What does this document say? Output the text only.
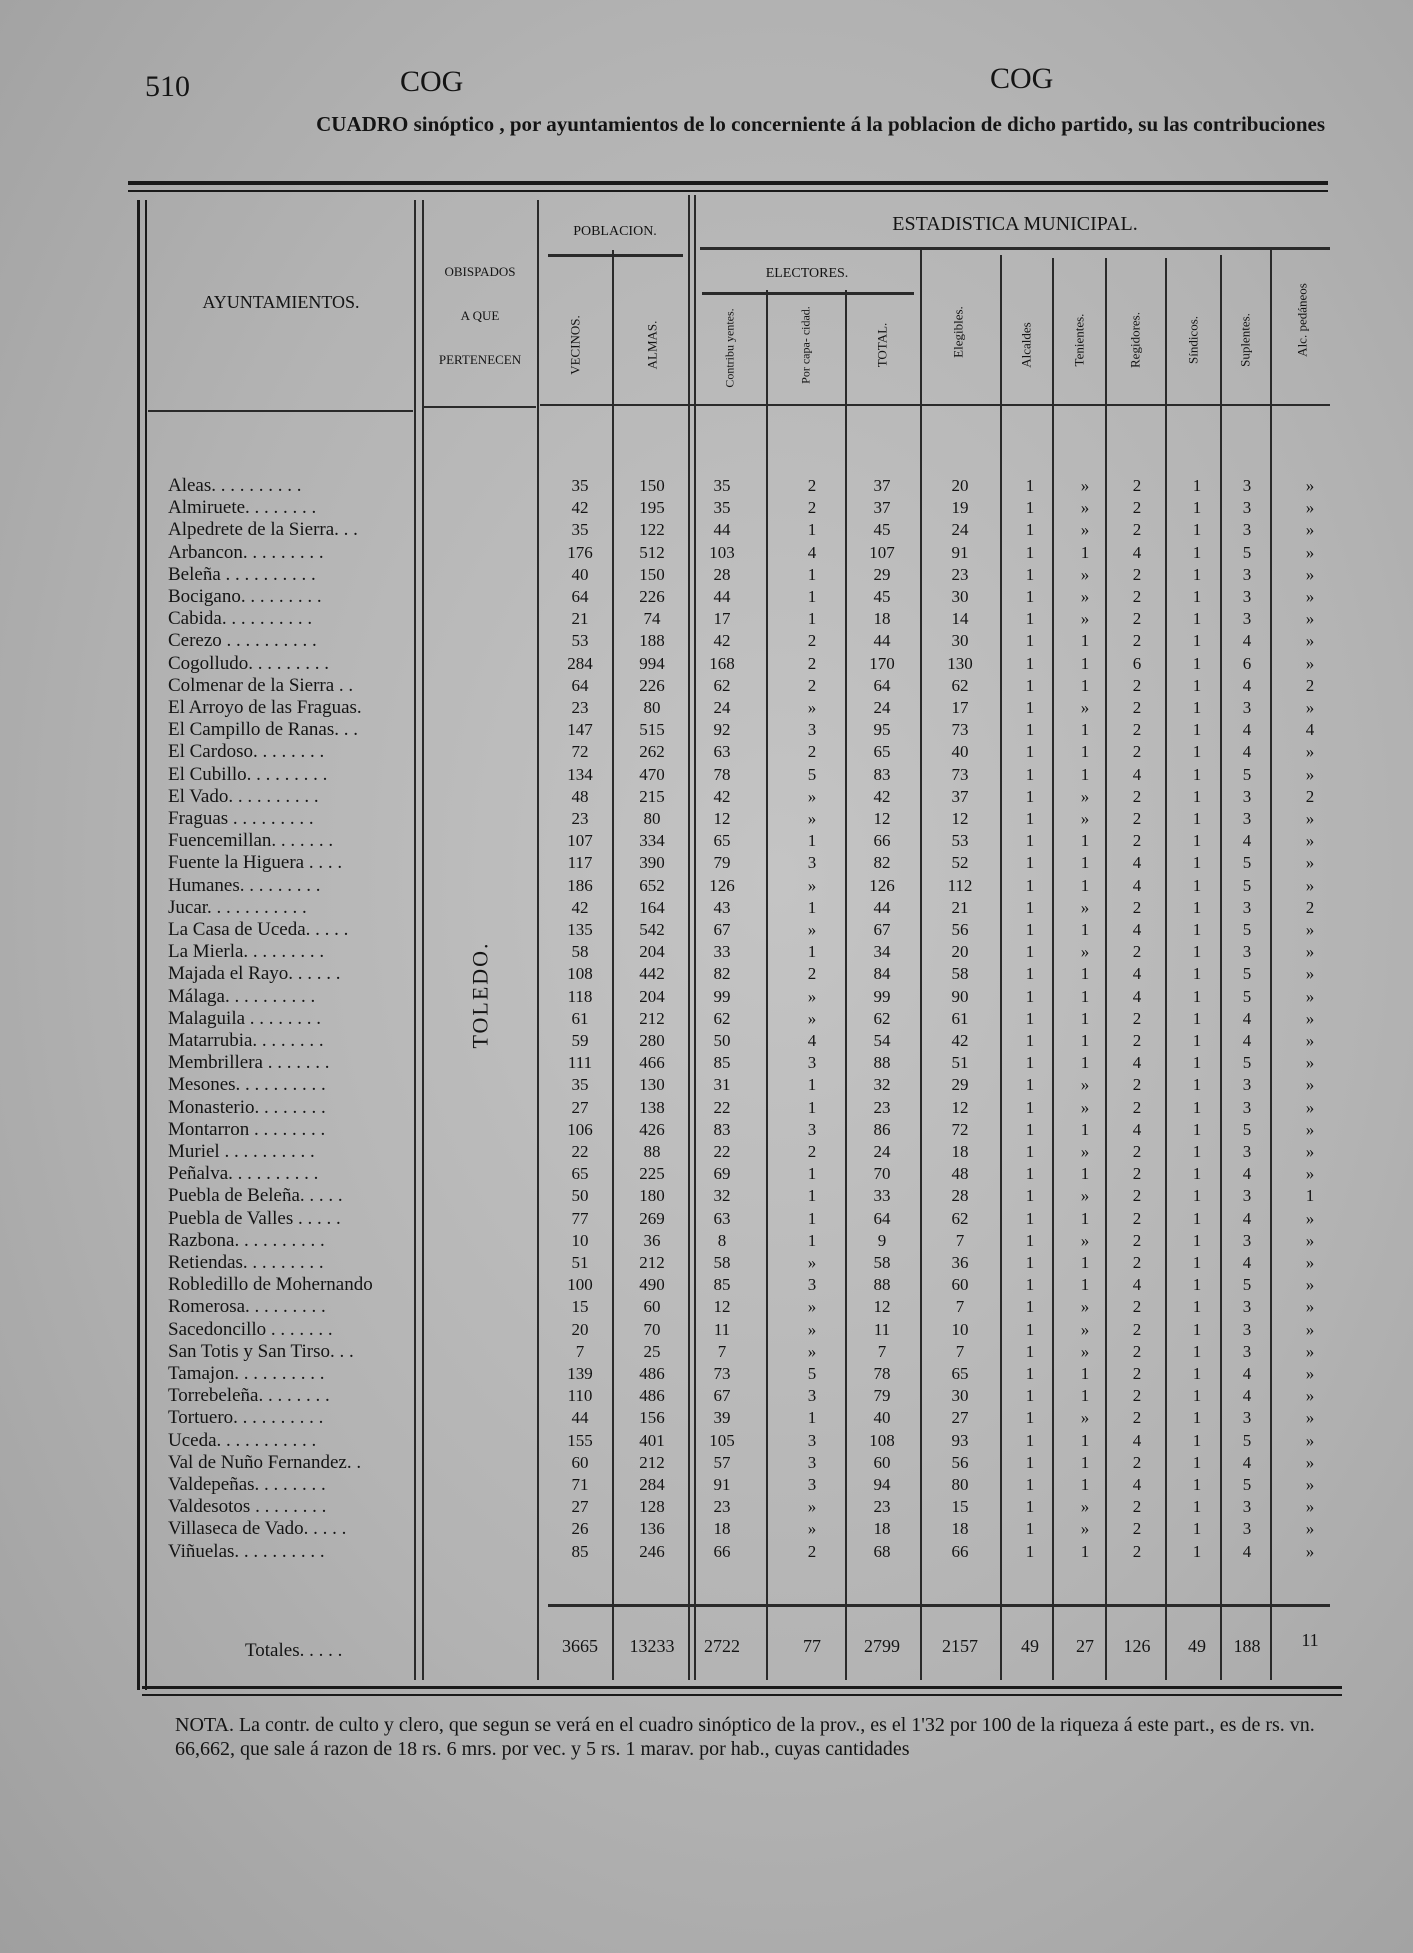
510	COG	COG
CUADRO sinóptico , por ayuntamientos de lo concerniente á la poblacion de dicho partido, su las contribuciones
AYUNTAMIENTOS.
OBISPADOS
A QUE
PERTENECEN
POBLACION.	ESTADISTICA MUNICIPAL.
ELECTORES.
VECINOS.	ALMAS.	Contribu yentes.	Por capa- cidad.	TOTAL.	Elegibles.	Alcaldes	Tenientes.	Regidores.	Síndicos.	Suplentes.	Alc. pedáneos
TOLEDO.
Aleas. . . . . . . . . .	35	150	35	2	37	20	1	»	2	1	3	»
Almiruete. . . . . . . .	42	195	35	2	37	19	1	»	2	1	3	»
Alpedrete de la Sierra. . .	35	122	44	1	45	24	1	»	2	1	3	»
Arbancon. . . . . . . . .	176	512	103	4	107	91	1	1	4	1	5	»
Beleña . . . . . . . . . .	40	150	28	1	29	23	1	»	2	1	3	»
Bocigano. . . . . . . . .	64	226	44	1	45	30	1	»	2	1	3	»
Cabida. . . . . . . . . .	21	74	17	1	18	14	1	»	2	1	3	»
Cerezo . . . . . . . . . .	53	188	42	2	44	30	1	1	2	1	4	»
Cogolludo. . . . . . . . .	284	994	168	2	170	130	1	1	6	1	6	»
Colmenar de la Sierra . .	64	226	62	2	64	62	1	1	2	1	4	2
El Arroyo de las Fraguas.	23	80	24	»	24	17	1	»	2	1	3	»
El Campillo de Ranas. . .	147	515	92	3	95	73	1	1	2	1	4	4
El Cardoso. . . . . . . .	72	262	63	2	65	40	1	1	2	1	4	»
El Cubillo. . . . . . . . .	134	470	78	5	83	73	1	1	4	1	5	»
El Vado. . . . . . . . . .	48	215	42	»	42	37	1	»	2	1	3	2
Fraguas . . . . . . . . .	23	80	12	»	12	12	1	»	2	1	3	»
Fuencemillan. . . . . . .	107	334	65	1	66	53	1	1	2	1	4	»
Fuente la Higuera . . . .	117	390	79	3	82	52	1	1	4	1	5	»
Humanes. . . . . . . . .	186	652	126	»	126	112	1	1	4	1	5	»
Jucar. . . . . . . . . . .	42	164	43	1	44	21	1	»	2	1	3	2
La Casa de Uceda. . . . .	135	542	67	»	67	56	1	1	4	1	5	»
La Mierla. . . . . . . . .	58	204	33	1	34	20	1	»	2	1	3	»
Majada el Rayo. . . . . .	108	442	82	2	84	58	1	1	4	1	5	»
Málaga. . . . . . . . . .	118	204	99	»	99	90	1	1	4	1	5	»
Malaguila . . . . . . . .	61	212	62	»	62	61	1	1	2	1	4	»
Matarrubia. . . . . . . .	59	280	50	4	54	42	1	1	2	1	4	»
Membrillera . . . . . . .	111	466	85	3	88	51	1	1	4	1	5	»
Mesones. . . . . . . . . .	35	130	31	1	32	29	1	»	2	1	3	»
Monasterio. . . . . . . .	27	138	22	1	23	12	1	»	2	1	3	»
Montarron . . . . . . . .	106	426	83	3	86	72	1	1	4	1	5	»
Muriel . . . . . . . . . .	22	88	22	2	24	18	1	»	2	1	3	»
Peñalva. . . . . . . . . .	65	225	69	1	70	48	1	1	2	1	4	»
Puebla de Beleña. . . . .	50	180	32	1	33	28	1	»	2	1	3	1
Puebla de Valles . . . . .	77	269	63	1	64	62	1	1	2	1	4	»
Razbona. . . . . . . . . .	10	36	8	1	9	7	1	»	2	1	3	»
Retiendas. . . . . . . . .	51	212	58	»	58	36	1	1	2	1	4	»
Robledillo de Mohernando	100	490	85	3	88	60	1	1	4	1	5	»
Romerosa. . . . . . . . .	15	60	12	»	12	7	1	»	2	1	3	»
Sacedoncillo . . . . . . .	20	70	11	»	11	10	1	»	2	1	3	»
San Totis y San Tirso. . .	7	25	7	»	7	7	1	»	2	1	3	»
Tamajon. . . . . . . . . .	139	486	73	5	78	65	1	1	2	1	4	»
Torrebeleña. . . . . . . .	110	486	67	3	79	30	1	1	2	1	4	»
Tortuero. . . . . . . . . .	44	156	39	1	40	27	1	»	2	1	3	»
Uceda. . . . . . . . . . .	155	401	105	3	108	93	1	1	4	1	5	»
Val de Nuño Fernandez. .	60	212	57	3	60	56	1	1	2	1	4	»
Valdepeñas. . . . . . . .	71	284	91	3	94	80	1	1	4	1	5	»
Valdesotos . . . . . . . .	27	128	23	»	23	15	1	»	2	1	3	»
Villaseca de Vado. . . . .	26	136	18	»	18	18	1	»	2	1	3	»
Viñuelas. . . . . . . . . .	85	246	66	2	68	66	1	1	2	1	4	»
Totales. . . . .	3665	13233	2722	77	2799	2157	49	27	126	49	188	11
NOTA. La contr. de culto y clero, que segun se verá en el cuadro sinóptico de la prov., es el 1'32 por 100 de la riqueza á este part., es de rs. vn. 66,662, que sale á razon de 18 rs. 6 mrs. por vec. y 5 rs. 1 marav. por hab., cuyas cantidades
